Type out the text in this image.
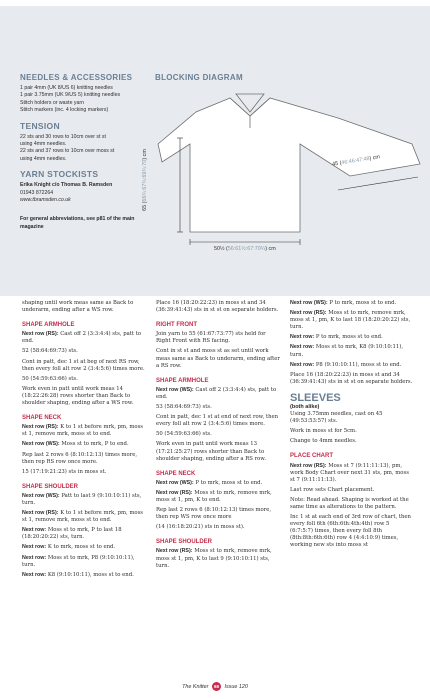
NEEDLES & ACCESSORIES
1 pair 4mm (UK 8/US 6) knitting needles
1 pair 3.75mm (UK 9/US 5) knitting needles
Stitch holders or waste yarn
Stitch markers (inc. 4 locking markers)
TENSION
22 sts and 30 rows to 10cm over st st
using 4mm needles.
22 sts and 37 rows to 10cm over moss st
using 4mm needles.
YARN STOCKISTS
Erika Knight c/o Thomas B. Ramsden
01943 872264
www.tbramsden.co.uk
For general abbreviations, see p81 of the main magazine
BLOCKING DIAGRAM
65 (66¾:67¾:69¾:70) cm
50½ (56:61½:67:70¼) cm
45 (46:46:47:48) cm
shaping until work meas same as Back to underarm, ending after a WS row.
SHAPE ARMHOLE
Next row (RS): Cast off 2 (3:3:4:4) sts, patt to end.
52 (58:64:69:73) sts.
Cont in patt, dec 1 st at beg of next RS row, then every foll alt row 2 (3:4:5:6) times more.
50 (54:59:63:66) sts.
Work even in patt until work meas 14 (18:22:26:28) rows shorter than Back to shoulder shaping, ending after a WS row.
SHAPE NECK
Next row (RS): K to 1 st before mrk, pm, moss st 1, remove mrk, moss st to end.
Next row (WS): Moss st to mrk, P to end.
Rep last 2 rows 6 (8:10:12:13) times more, then rep RS row once more.
15 (17:19:21:23) sts in moss st.
SHAPE SHOULDER
Next row (WS): Patt to last 9 (9:10:10:11) sts, turn.
Next row (RS): K to 1 st before mrk, pm, moss st 1, remove mrk, moss st to end.
Next row: Moss st to mrk, P to last 18 (18:20:20:22) sts, turn.
Next row: K to mrk, moss st to end.
Next row: Moss st to mrk, P8 (9:10:10:11), turn.
Next row: K8 (9:10:10:11), moss st to end.
Place 16 (18:20:22:23) in moss st and 34 (36:39:41:43) sts in st st on separate holders.
RIGHT FRONT
Join yarn to 55 (61:67:73:77) sts held for Right Front with RS facing.
Cont in st st and moss st as set until work meas same as Back to underarm, ending after a RS row.
SHAPE ARMHOLE
Next row (WS): Cast off 2 (3:3:4:4) sts, patt to end.
53 (58:64:69:73) sts.
Cont in patt, dec 1 st at end of next row, then every foll alt row 2 (3:4:5:6) times more.
50 (54:59:63:66) sts.
Work even in patt until work meas 13 (17:21:25:27) rows shorter than Back to shoulder shaping, ending after a RS row.
SHAPE NECK
Next row (WS): P to mrk, moss st to end.
Next row (RS): Moss st to mrk, remove mrk, moss st 1, pm, K to end.
Rep last 2 rows 6 (8:10:12:13) times more, then rep WS row once more
(14 (16:18:20:21) sts in moss st).
SHAPE SHOULDER
Next row (RS): Moss st to mrk, remove mrk, moss st 1, pm, K to last 9 (9:10:10:11) sts, turn.
Next row (WS): P to mrk, moss st to end.
Next row (RS): Moss st to mrk, remove mrk, moss st 1, pm, K to last 18 (18:20:20:22) sts, turn.
Next row: P to mrk, moss st to end.
Next row: Moss st to mrk, K8 (9:10:10:11), turn.
Next row: P8 (9:10:10:11), moss st to end.
Place 16 (18:20:22:23) in moss st and 34 (36:39:41:43) sts in st st on separate holders.
SLEEVES
(both alike)
Using 3.75mm needles, cast on 45 (49:53:53:57) sts.
Work in moss st for 5cm.
Change to 4mm needles.
PLACE CHART
Next row (RS): Moss st 7 (9:11:11:13), pm, work Body Chart over next 31 sts, pm, moss st 7 (9:11:11:13).
Last row sets Chart placement.
Note: Read ahead. Shaping is worked at the same time as alterations to the pattern.
Inc 1 st at each end of 3rd row of chart, then every foll 6th (6th:6th:4th:4th) row 5 (6:7:5:7) times, then every foll 8th (8th:8th:6th:6th) row 4 (4:4:10:9) times, working new sts into moss st
The Knitter 68 Issue 120
